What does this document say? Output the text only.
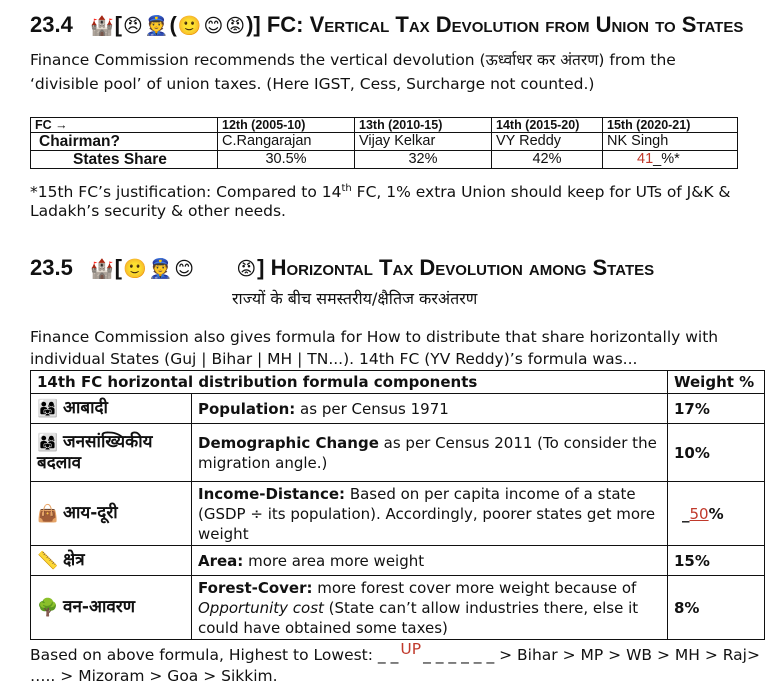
23.4 🏰[😠 👮(🙂 😊 😡)] FC: Vertical Tax Devolution from Union to States
Finance Commission recommends the vertical devolution (ऊर्ध्वाधर कर अंतरण) from the
‘divisible pool’ of union taxes. (Here IGST, Cess, Surcharge not counted.)
FC →	12th (2005-10)	13th (2010-15)	14th (2015-20)	15th (2020-21)
Chairman?	C.Rangarajan	Vijay Kelkar	VY Reddy	NK Singh
States Share	30.5%	32%	42%	41_%*
*15th FC’s justification: Compared to 14th FC, 1% extra Union should keep for UTs of J&K &
Ladakh’s security & other needs.
23.5 🏰[🙂 👮 😊 😡] Horizontal Tax Devolution among States
राज्यों के बीच समस्तरीय/क्षैतिज करअंतरण
Finance Commission also gives formula for How to distribute that share horizontally with
individual States (Guj | Bihar | MH | TN...). 14th FC (YV Reddy)’s formula was...
14th FC horizontal distribution formula components		Weight %
👨‍👩‍👧 आबादी	Population: as per Census 1971	17%
👨‍👩‍👧 जनसांख्यिकीय बदलाव	Demographic Change as per Census 2011 (To consider the migration angle.)	10%
👜 आय-दूरी	Income-Distance: Based on per capita income of a state (GSDP ÷ its population). Accordingly, poorer states get more weight	_50%
📏 क्षेत्र	Area: more area more weight	15%
🌳 वन-आवरण	Forest-Cover: more forest cover more weight because of Opportunity cost (State can’t allow industries there, else it could have obtained some taxes)	8%
Based on above formula, Highest to Lowest: _ _ UP _ _ _ _ _ _ > Bihar > MP > WB > MH > Raj>
….. > Mizoram > Goa > Sikkim.
